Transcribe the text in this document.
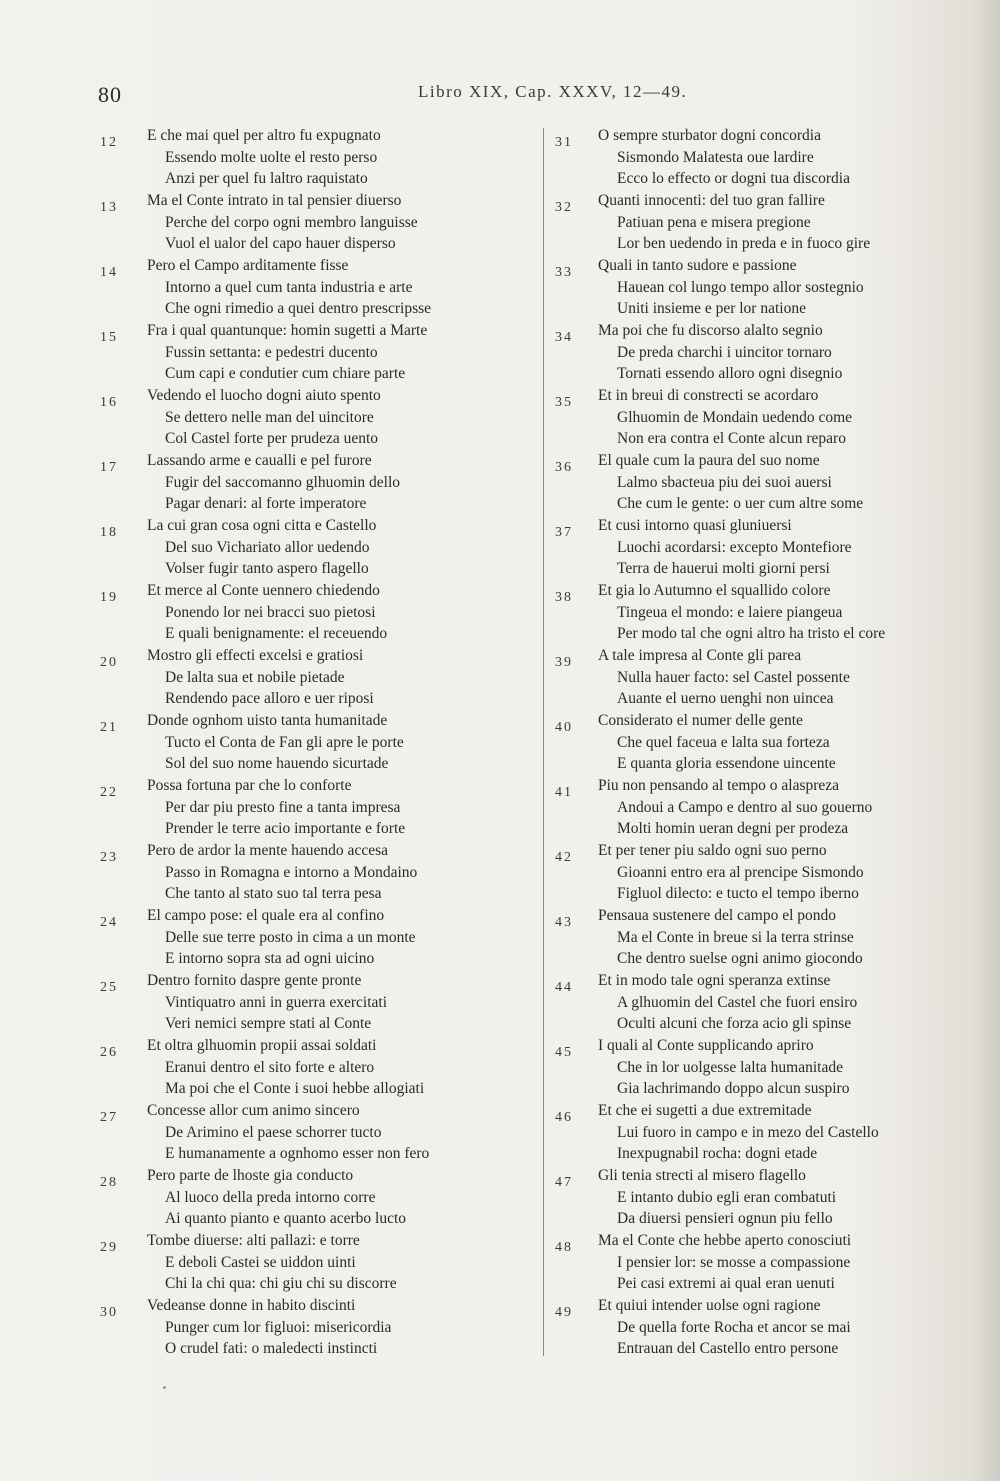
80	Libro XIX, Cap. XXXV, 12—49.
12	E che mai quel per altro fu expugnato
Essendo molte uolte el resto perso
Anzi per quel fu laltro raquistato
13	Ma el Conte intrato in tal pensier diuerso
Perche del corpo ogni membro languisse
Vuol el ualor del capo hauer disperso
14	Pero el Campo arditamente fisse
Intorno a quel cum tanta industria e arte
Che ogni rimedio a quei dentro prescripsse
15	Fra i qual quantunque: homin sugetti a Marte
Fussin settanta: e pedestri ducento
Cum capi e condutier cum chiare parte
16	Vedendo el luocho dogni aiuto spento
Se dettero nelle man del uincitore
Col Castel forte per prudeza uento
17	Lassando arme e caualli e pel furore
Fugir del saccomanno glhuomin dello
Pagar denari: al forte imperatore
18	La cui gran cosa ogni citta e Castello
Del suo Vichariato allor uedendo
Volser fugir tanto aspero flagello
19	Et merce al Conte uennero chiedendo
Ponendo lor nei bracci suo pietosi
E quali benignamente: el receuendo
20	Mostro gli effecti excelsi e gratiosi
De lalta sua et nobile pietade
Rendendo pace alloro e uer riposi
21	Donde ognhom uisto tanta humanitade
Tucto el Conta de Fan gli apre le porte
Sol del suo nome hauendo sicurtade
22	Possa fortuna par che lo conforte
Per dar piu presto fine a tanta impresa
Prender le terre acio importante e forte
23	Pero de ardor la mente hauendo accesa
Passo in Romagna e intorno a Mondaino
Che tanto al stato suo tal terra pesa
24	El campo pose: el quale era al confino
Delle sue terre posto in cima a un monte
E intorno sopra sta ad ogni uicino
25	Dentro fornito daspre gente pronte
Vintiquatro anni in guerra exercitati
Veri nemici sempre stati al Conte
26	Et oltra glhuomin propii assai soldati
Eranui dentro el sito forte e altero
Ma poi che el Conte i suoi hebbe allogiati
27	Concesse allor cum animo sincero
De Arimino el paese schorrer tucto
E humanamente a ognhomo esser non fero
28	Pero parte de lhoste gia conducto
Al luoco della preda intorno corre
Ai quanto pianto e quanto acerbo lucto
29	Tombe diuerse: alti pallazi: e torre
E deboli Castei se uiddon uinti
Chi la chi qua: chi giu chi su discorre
30	Vedeanse donne in habito discinti
Punger cum lor figluoi: misericordia
O crudel fati: o maledecti instincti
31	O sempre sturbator dogni concordia
Sismondo Malatesta oue lardire
Ecco lo effecto or dogni tua discordia
32	Quanti innocenti: del tuo gran fallire
Patiuan pena e misera pregione
Lor ben uedendo in preda e in fuoco gire
33	Quali in tanto sudore e passione
Hauean col lungo tempo allor sostegnio
Uniti insieme e per lor natione
34	Ma poi che fu discorso alalto segnio
De preda charchi i uincitor tornaro
Tornati essendo alloro ogni disegnio
35	Et in breui di constrecti se acordaro
Glhuomin de Mondain uedendo come
Non era contra el Conte alcun reparo
36	El quale cum la paura del suo nome
Lalmo sbacteua piu dei suoi auersi
Che cum le gente: o uer cum altre some
37	Et cusi intorno quasi gluniuersi
Luochi acordarsi: excepto Montefiore
Terra de hauerui molti giorni persi
38	Et gia lo Autumno el squallido colore
Tingeua el mondo: e laiere piangeua
Per modo tal che ogni altro ha tristo el core
39	A tale impresa al Conte gli parea
Nulla hauer facto: sel Castel possente
Auante el uerno uenghi non uincea
40	Considerato el numer delle gente
Che quel faceua e lalta sua forteza
E quanta gloria essendone uincente
41	Piu non pensando al tempo o alaspreza
Andoui a Campo e dentro al suo gouerno
Molti homin ueran degni per prodeza
42	Et per tener piu saldo ogni suo perno
Gioanni entro era al prencipe Sismondo
Figluol dilecto: e tucto el tempo iberno
43	Pensaua sustenere del campo el pondo
Ma el Conte in breue si la terra strinse
Che dentro suelse ogni animo giocondo
44	Et in modo tale ogni speranza extinse
A glhuomin del Castel che fuori ensiro
Oculti alcuni che forza acio gli spinse
45	I quali al Conte supplicando apriro
Che in lor uolgesse lalta humanitade
Gia lachrimando doppo alcun suspiro
46	Et che ei sugetti a due extremitade
Lui fuoro in campo e in mezo del Castello
Inexpugnabil rocha: dogni etade
47	Gli tenia strecti al misero flagello
E intanto dubio egli eran combatuti
Da diuersi pensieri ognun piu fello
48	Ma el Conte che hebbe aperto conosciuti
I pensier lor: se mosse a compassione
Pei casi extremi ai qual eran uenuti
49	Et quiui intender uolse ogni ragione
De quella forte Rocha et ancor se mai
Entrauan del Castello entro persone
